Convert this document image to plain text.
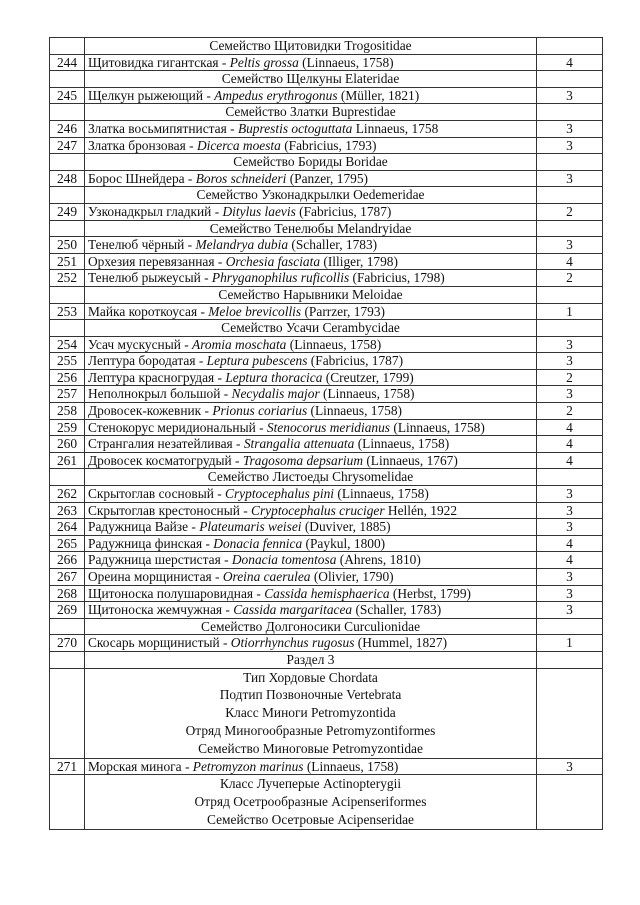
	Семейство Щитовидки Trogositidae	
244	Щитовидка гигантская - Peltis grossa (Linnaeus, 1758)	4
	Семейство Щелкуны Elateridae	
245	Щелкун рыжеющий - Ampedus erythrogonus (Müller, 1821)	3
	Семейство Златки Buprestidae	
246	Златка восьмипятнистая - Buprestis octoguttata Linnaeus, 1758	3
247	Златка бронзовая - Dicerca moesta (Fabricius, 1793)	3
	Семейство Бориды Boridae	
248	Борос Шнейдера - Boros schneideri (Panzer, 1795)	3
	Семейство Узконадкрылки Oedemeridae	
249	Узконадкрыл гладкий - Ditylus laevis (Fabricius, 1787)	2
	Семейство Тенелюбы Melandryidae	
250	Тенелюб чёрный - Melandrya dubia (Schaller, 1783)	3
251	Орхезия перевязанная - Orchesia fasciata (Illiger, 1798)	4
252	Тенелюб рыжеусый - Phryganophilus ruficollis (Fabricius, 1798)	2
	Семейство Нарывники Meloidae	
253	Майка короткоусая - Meloe brevicollis (Parrzer, 1793)	1
	Семейство Усачи Cerambycidae	
254	Усач мускусный - Aromia moschata (Linnaeus, 1758)	3
255	Лептура бородатая - Leptura pubescens (Fabricius, 1787)	3
256	Лептура красногрудая - Leptura thoracica (Creutzer, 1799)	2
257	Неполнокрыл большой - Necydalis major (Linnaeus, 1758)	3
258	Дровосек-кожевник - Prionus coriarius (Linnaeus, 1758)	2
259	Стенокорус меридиональный - Stenocorus meridianus (Linnaeus, 1758)	4
260	Странгалия незатейливая - Strangalia attenuata (Linnaeus, 1758)	4
261	Дровосек косматогрудый - Tragosoma depsarium (Linnaeus, 1767)	4
	Семейство Листоеды Chrysomelidae	
262	Скрытоглав сосновый - Cryptocephalus pini (Linnaeus, 1758)	3
263	Скрытоглав крестоносный - Cryptocephalus cruciger Hellén, 1922	3
264	Радужница Вайзе - Plateumaris weisei (Duviver, 1885)	3
265	Радужница финская - Donacia fennica (Paykul, 1800)	4
266	Радужница шерстистая - Donacia tomentosa (Ahrens, 1810)	4
267	Ореина морщинистая - Oreina caerulea (Olivier, 1790)	3
268	Щитоноска полушаровидная - Cassida hemisphaerica (Herbst, 1799)	3
269	Щитоноска жемчужная - Cassida margaritacea (Schaller, 1783)	3
	Семейство Долгоносики Curculionidae	
270	Скосарь морщинистый - Otiorrhynchus rugosus (Hummel, 1827)	1
	Раздел 3	

	Тип Хордовые Chordata
Подтип Позвоночные Vertebrata
Класс Миноги Petromyzontida
Отряд Миногообразные Petromyzontiformes
Семейство Миноговые Petromyzontidae	

271	Морская минога - Petromyzon marinus (Linnaeus, 1758)	3

	Класс Лучеперые Actinopterygii
Отряд Осетрообразные Acipenseriformes
Семейство Осетровые Acipenseridae	
